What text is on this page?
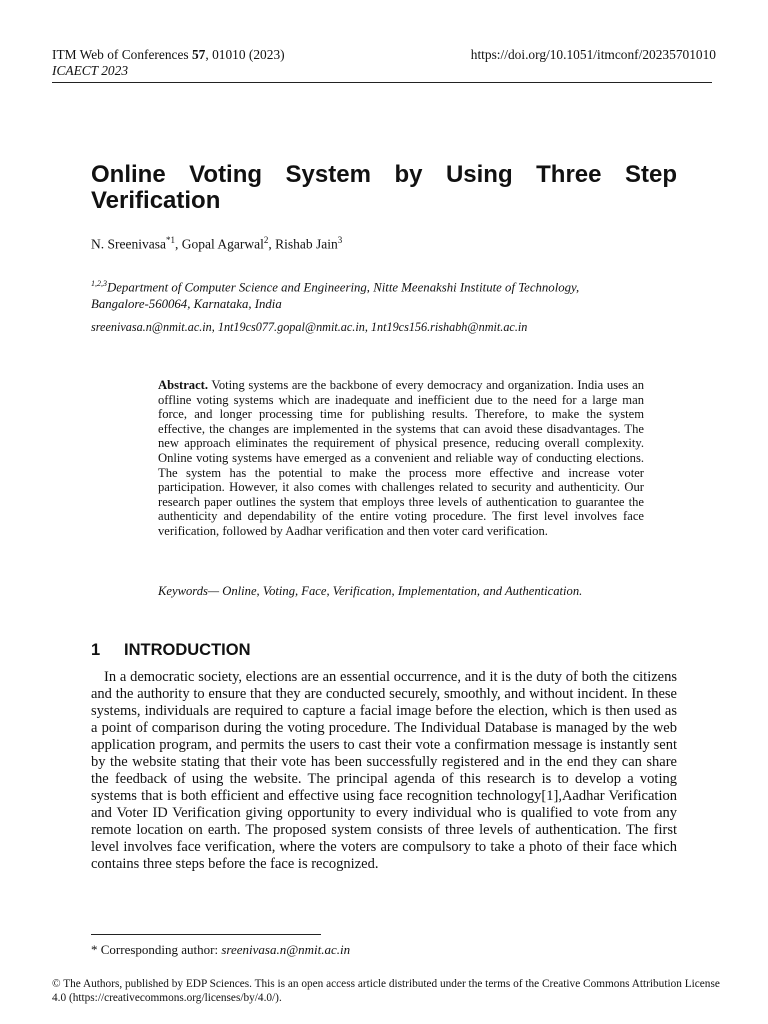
ITM Web of Conferences 57, 01010 (2023)	https://doi.org/10.1051/itmconf/20235701010
ICAECT 2023
Online Voting System by Using Three Step Verification
N. Sreenivasa$^{*1}$, Gopal Agarwal$^2$, Rishab Jain$^3$
$^{1,2,3}$Department of Computer Science and Engineering, Nitte Meenakshi Institute of Technology, Bangalore-560064, Karnataka, India
sreenivasa.n@nmit.ac.in, 1nt19cs077.gopal@nmit.ac.in, 1nt19cs156.rishabh@nmit.ac.in
Abstract. Voting systems are the backbone of every democracy and organization. India uses an offline voting systems which are inadequate and inefficient due to the need for a large man force, and longer processing time for publishing results. Therefore, to make the system effective, the changes are implemented in the systems that can avoid these disadvantages. The new approach eliminates the requirement of physical presence, reducing overall complexity. Online voting systems have emerged as a convenient and reliable way of conducting elections. The system has the potential to make the process more effective and increase voter participation. However, it also comes with challenges related to security and authenticity. Our research paper outlines the system that employs three levels of authentication to guarantee the authenticity and dependability of the entire voting procedure. The first level involves face verification, followed by Aadhar verification and then voter card verification.
Keywords— Online, Voting, Face, Verification, Implementation, and Authentication.
1 INTRODUCTION
In a democratic society, elections are an essential occurrence, and it is the duty of both the citizens and the authority to ensure that they are conducted securely, smoothly, and without incident. In these systems, individuals are required to capture a facial image before the election, which is then used as a point of comparison during the voting procedure. The Individual Database is managed by the web application program, and permits the users to cast their vote a confirmation message is instantly sent by the website stating that their vote has been successfully registered and in the end they can share the feedback of using the website. The principal agenda of this research is to develop a voting systems that is both efficient and effective using face recognition technology[1],Aadhar Verification and Voter ID Verification giving opportunity to every individual who is qualified to vote from any remote location on earth. The proposed system consists of three levels of authentication. The first level involves face verification, where the voters are compulsory to take a photo of their face which contains three steps before the face is recognized.
* Corresponding author: sreenivasa.n@nmit.ac.in
© The Authors, published by EDP Sciences. This is an open access article distributed under the terms of the Creative Commons Attribution License 4.0 (https://creativecommons.org/licenses/by/4.0/).
